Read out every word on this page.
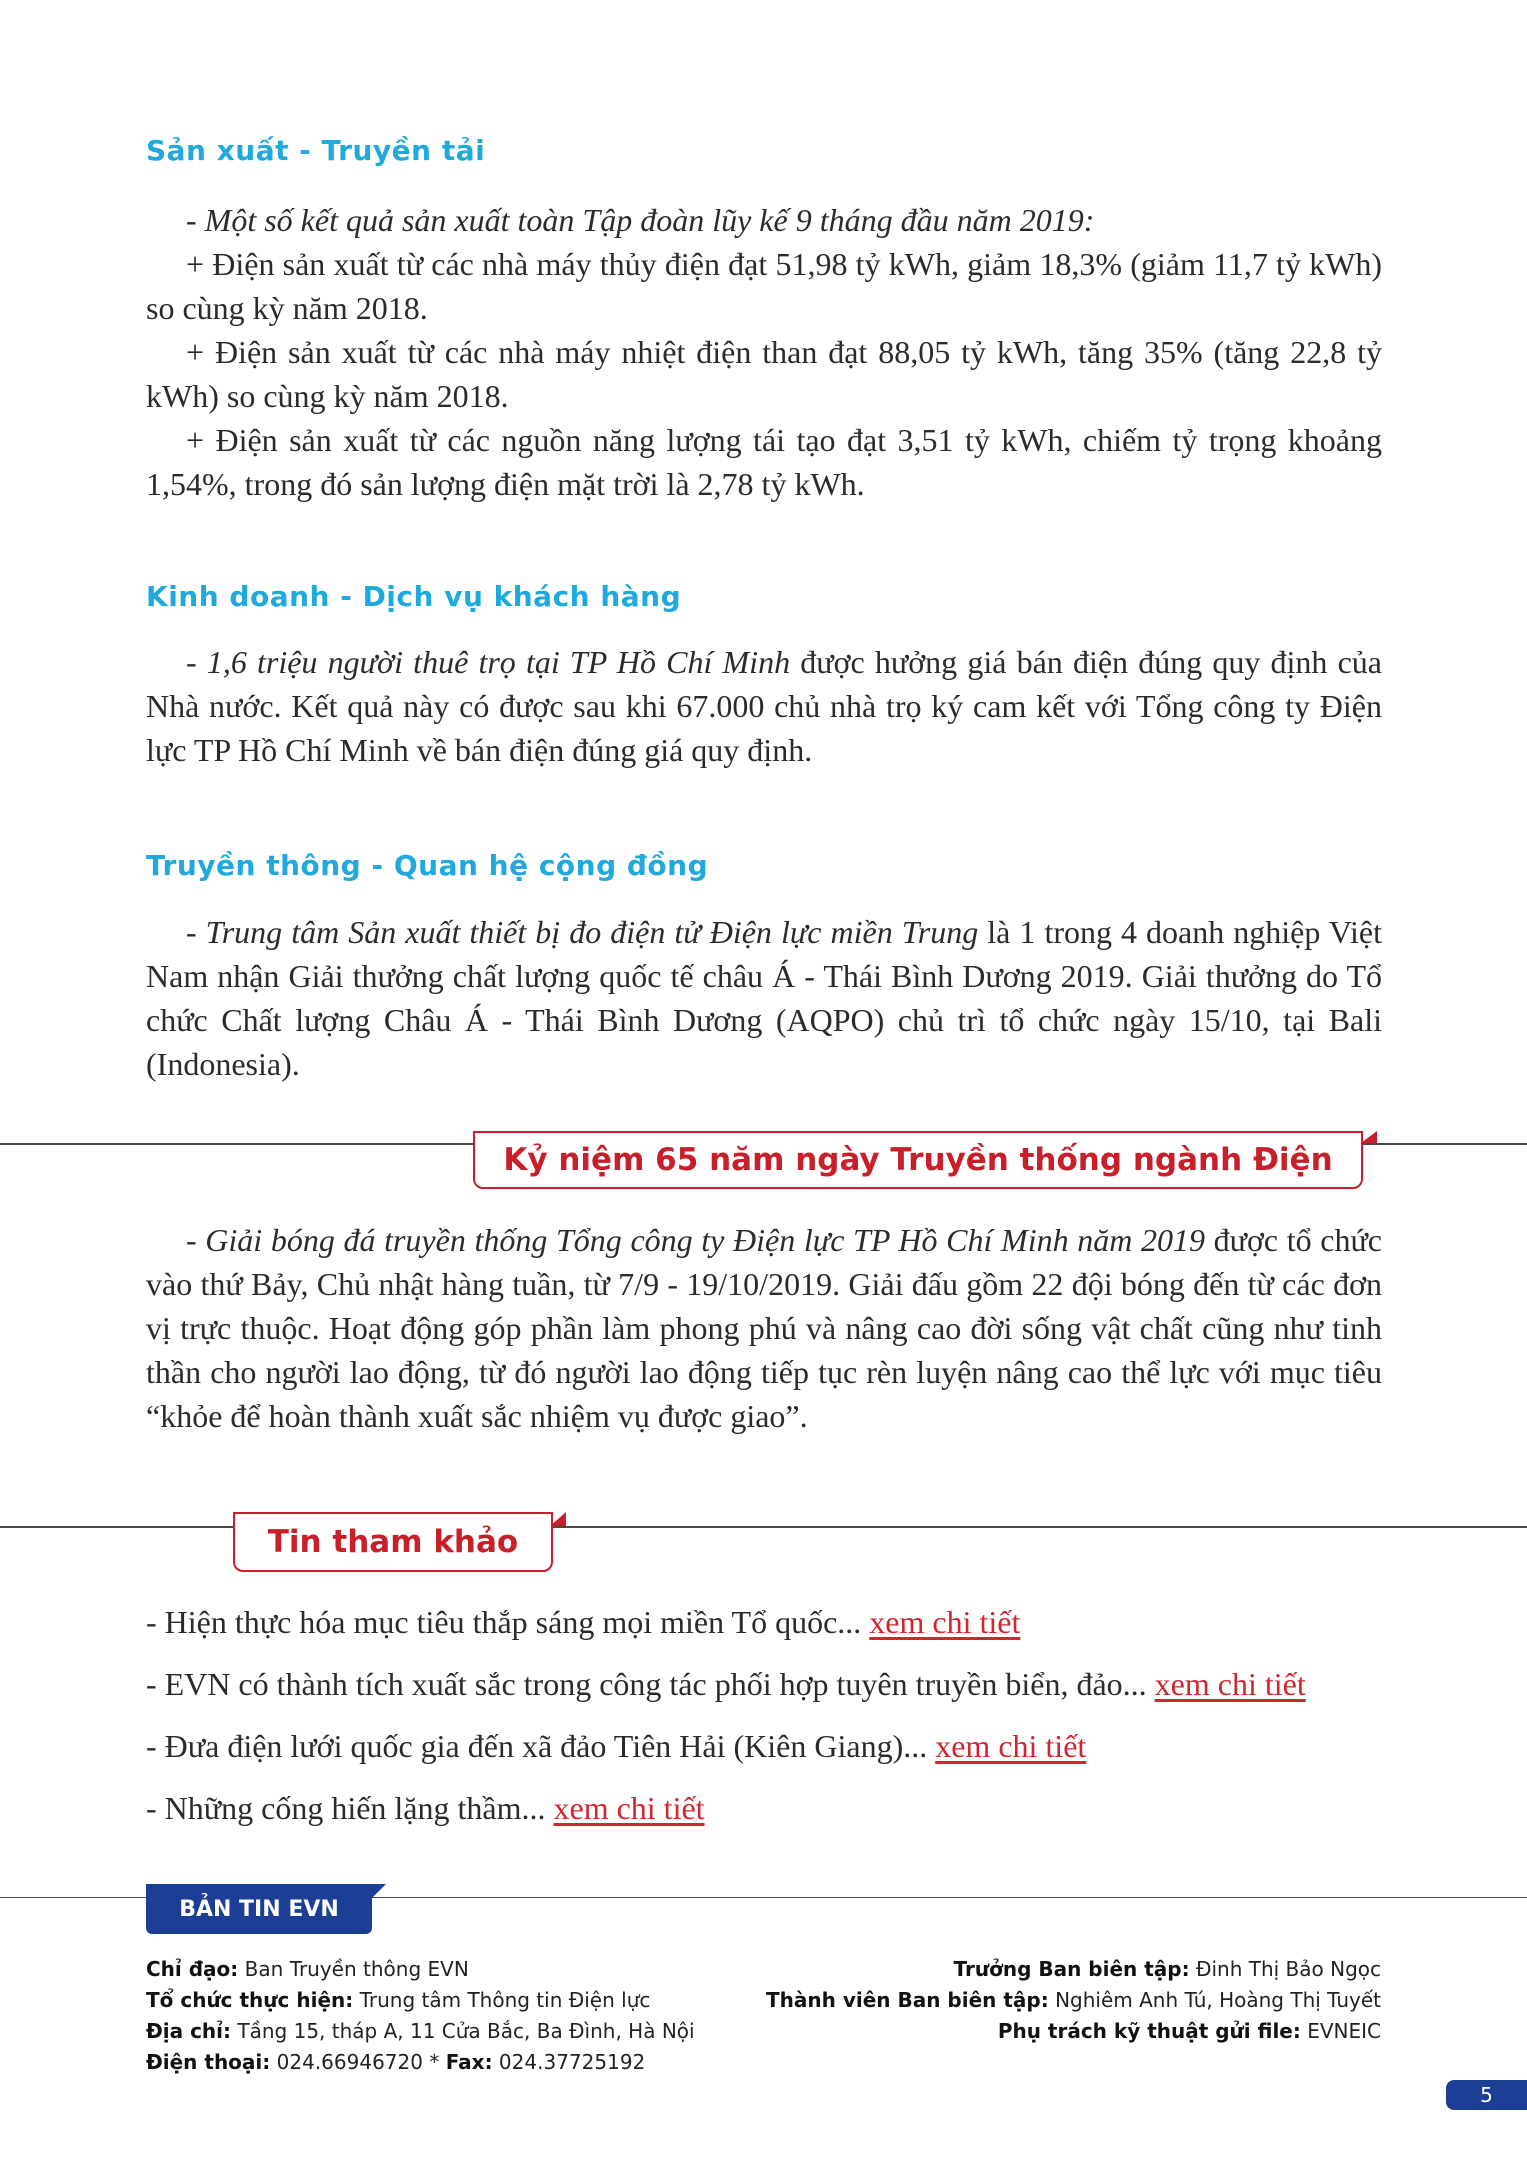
Sản xuất - Truyền tải

- Một số kết quả sản xuất toàn Tập đoàn lũy kế 9 tháng đầu năm 2019:

+ Điện sản xuất từ các nhà máy thủy điện đạt 51,98 tỷ kWh, giảm 18,3% (giảm 11,7 tỷ kWh) so cùng kỳ năm 2018.

+ Điện sản xuất từ các nhà máy nhiệt điện than đạt 88,05 tỷ kWh, tăng 35% (tăng 22,8 tỷ kWh) so cùng kỳ năm 2018.

+ Điện sản xuất từ các nguồn năng lượng tái tạo đạt 3,51 tỷ kWh, chiếm tỷ trọng khoảng 1,54%, trong đó sản lượng điện mặt trời là 2,78 tỷ kWh.

Kinh doanh - Dịch vụ khách hàng

- 1,6 triệu người thuê trọ tại TP Hồ Chí Minh được hưởng giá bán điện đúng quy định của Nhà nước. Kết quả này có được sau khi 67.000 chủ nhà trọ ký cam kết với Tổng công ty Điện lực TP Hồ Chí Minh về bán điện đúng giá quy định.

Truyền thông - Quan hệ cộng đồng

- Trung tâm Sản xuất thiết bị đo điện tử Điện lực miền Trung là 1 trong 4 doanh nghiệp Việt Nam nhận Giải thưởng chất lượng quốc tế châu Á - Thái Bình Dương 2019. Giải thưởng do Tổ chức Chất lượng Châu Á - Thái Bình Dương (AQPO) chủ trì tổ chức ngày 15/10, tại Bali (Indonesia).

Kỷ niệm 65 năm ngày Truyền thống ngành Điện

- Giải bóng đá truyền thống Tổng công ty Điện lực TP Hồ Chí Minh năm 2019 được tổ chức vào thứ Bảy, Chủ nhật hàng tuần, từ 7/9 - 19/10/2019. Giải đấu gồm 22 đội bóng đến từ các đơn vị trực thuộc. Hoạt động góp phần làm phong phú và nâng cao đời sống vật chất cũng như tinh thần cho người lao động, từ đó người lao động tiếp tục rèn luyện nâng cao thể lực với mục tiêu “khỏe để hoàn thành xuất sắc nhiệm vụ được giao”.

Tin tham khảo
- Hiện thực hóa mục tiêu thắp sáng mọi miền Tổ quốc... xem chi tiết
- EVN có thành tích xuất sắc trong công tác phối hợp tuyên truyền biển, đảo... xem chi tiết
- Đưa điện lưới quốc gia đến xã đảo Tiên Hải (Kiên Giang)... xem chi tiết
- Những cống hiến lặng thầm... xem chi tiết
BẢN TIN EVN
Chỉ đạo: Ban Truyền thông EVN
Tổ chức thực hiện: Trung tâm Thông tin Điện lực
Địa chỉ: Tầng 15, tháp A, 11 Cửa Bắc, Ba Đình, Hà Nội
Điện thoại: 024.66946720 * Fax: 024.37725192
Trưởng Ban biên tập: Đinh Thị Bảo Ngọc
Thành viên Ban biên tập: Nghiêm Anh Tú, Hoàng Thị Tuyết
Phụ trách kỹ thuật gửi file: EVNEIC
5
